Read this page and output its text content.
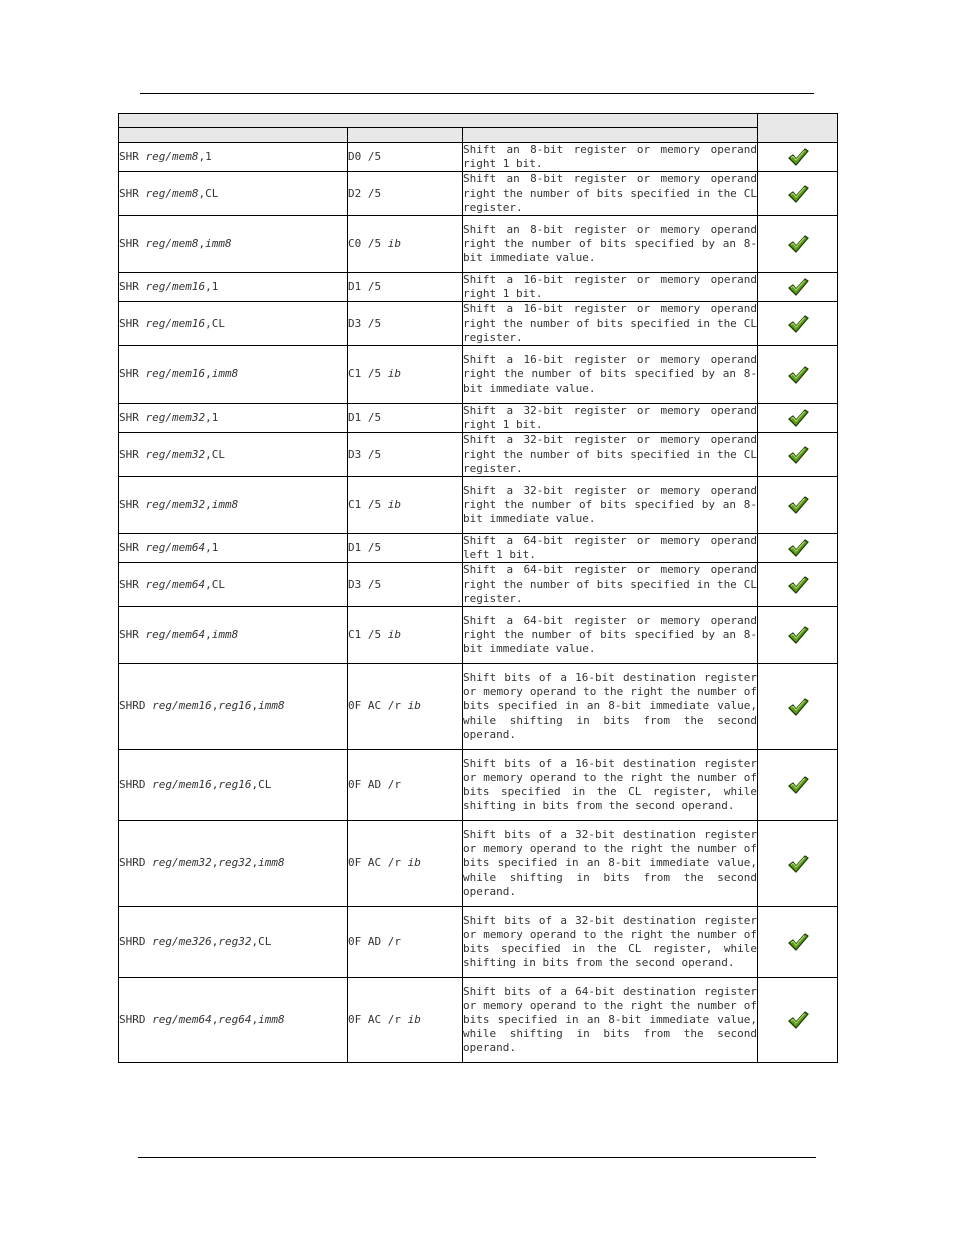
SHR reg/mem8,1	D0 /5	Shift an 8-bit register or memory operand right 1 bit.	
SHR reg/mem8,CL	D2 /5	Shift an 8-bit register or memory operand right the number of bits specified in the CL register.	
SHR reg/mem8,imm8	C0 /5 ib	Shift an 8-bit register or memory operand right the number of bits specified by an 8-bit immediate value.	
SHR reg/mem16,1	D1 /5	Shift a 16-bit register or memory operand right 1 bit.	
SHR reg/mem16,CL	D3 /5	Shift a 16-bit register or memory operand right the number of bits specified in the CL register.	
SHR reg/mem16,imm8	C1 /5 ib	Shift a 16-bit register or memory operand right the number of bits specified by an 8-bit immediate value.	
SHR reg/mem32,1	D1 /5	Shift a 32-bit register or memory operand right 1 bit.	
SHR reg/mem32,CL	D3 /5	Shift a 32-bit register or memory operand right the number of bits specified in the CL register.	
SHR reg/mem32,imm8	C1 /5 ib	Shift a 32-bit register or memory operand right the number of bits specified by an 8-bit immediate value.	
SHR reg/mem64,1	D1 /5	Shift a 64-bit register or memory operand left 1 bit.	
SHR reg/mem64,CL	D3 /5	Shift a 64-bit register or memory operand right the number of bits specified in the CL register.	
SHR reg/mem64,imm8	C1 /5 ib	Shift a 64-bit register or memory operand right the number of bits specified by an 8-bit immediate value.	
SHRD reg/mem16,reg16,imm8	0F AC /r ib	Shift bits of a 16-bit destination register or memory operand to the right the number of bits specified in an 8-bit immediate value, while shifting in bits from the second operand.	
SHRD reg/mem16,reg16,CL	0F AD /r	Shift bits of a 16-bit destination register or memory operand to the right the number of bits specified in the CL register, while shifting in bits from the second operand.	
SHRD reg/mem32,reg32,imm8	0F AC /r ib	Shift bits of a 32-bit destination register or memory operand to the right the number of bits specified in an 8-bit immediate value, while shifting in bits from the second operand.	
SHRD reg/me326,reg32,CL	0F AD /r	Shift bits of a 32-bit destination register or memory operand to the right the number of bits specified in the CL register, while shifting in bits from the second operand.	
SHRD reg/mem64,reg64,imm8	0F AC /r ib	Shift bits of a 64-bit destination register or memory operand to the right the number of bits specified in an 8-bit immediate value, while shifting in bits from the second operand.	
